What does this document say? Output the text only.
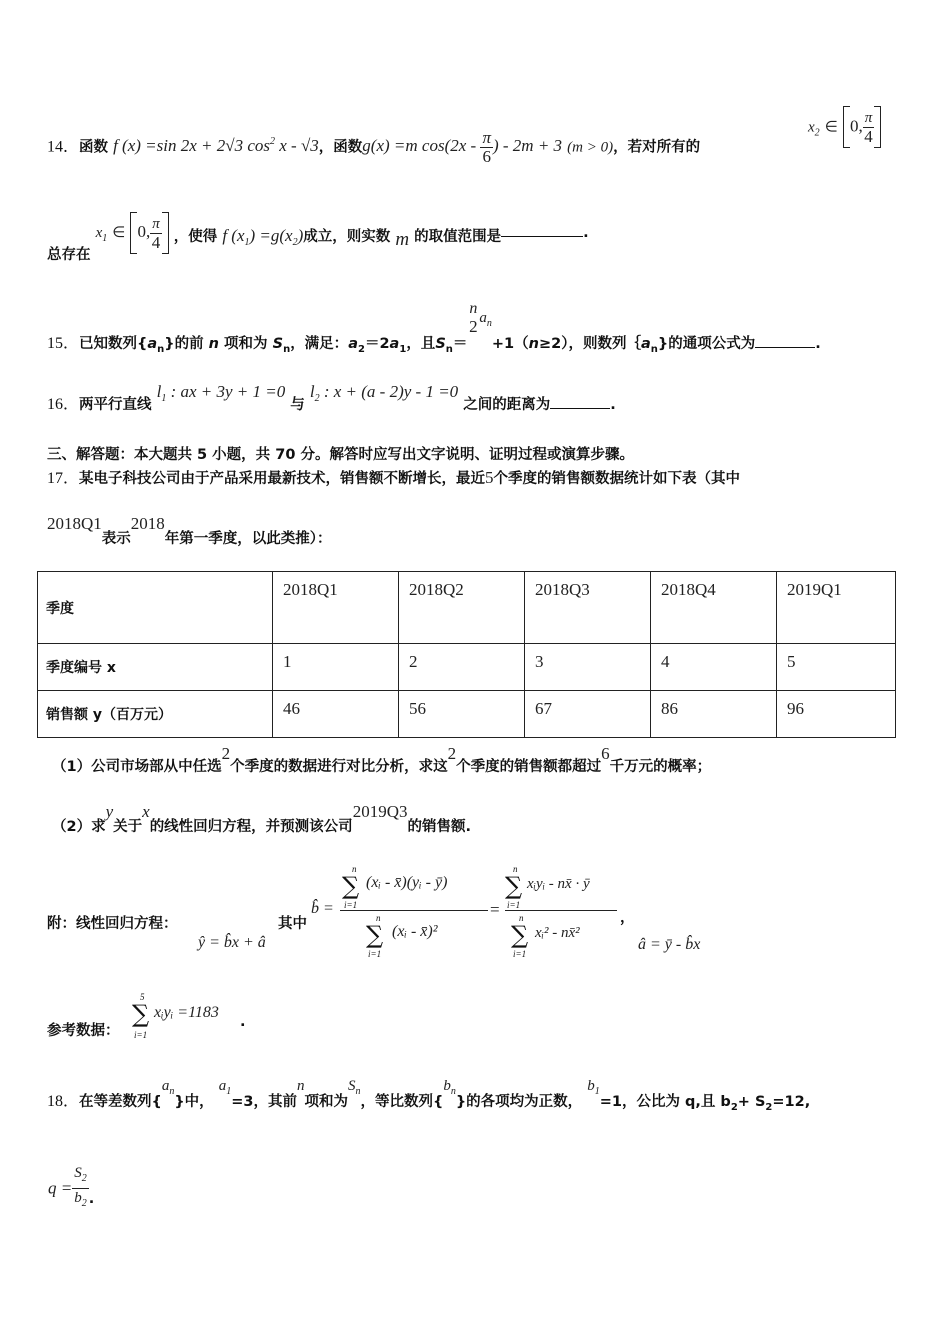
14．函数 f (x) =sin 2x + 2√3 $\cos^2 x - √3$，函数g(x) =m $\cos(2x - \frac{\pi}{6}$ ) - 2m + 3 (m > 0)，若对所有的
$x_2$ ∈ 0, $\frac{\pi}{4}$
总存在 $x_1$ ∈ 0, $\frac{\pi}{4}$ ，使得 f $(x_1) =g(x_2)$成立，则实数 m 的取值范围是	.
15．已知数列$\{a_n\}$的前 n 项和为 $S_n$，满足：$a_2=2a_1$，且$S_n=$
n
2 $a_n+1(n\ge 2)$，则数列$\{a_n$}的通项公式为	.
16．两平行直线 $l_1$ : ax + 3y + 1 =0 与 $l_2$ : x + (a - 2)y - 1 =0 之间的距离为	.
三、解答题：本大题共 5 小题，共 70 分。解答时应写出文字说明、证明过程或演算步骤。
17．某电子科技公司由于产品采用最新技术，销售额不断增长，最近5个季度的销售额数据统计如下表（其中
2018Q1表示2018年第一季度，以此类推）：
季度	2018Q1	2018Q2	2018Q3	2018Q4	2019Q1
季度编号 x	1	2	3	4	5
销售额 y（百万元）	46	56	67	86	96
（1）公司市场部从中任选2个季度的数据进行对比分析，求这2个季度的销售额都超过6千万元的概率；
（2）求y关于x的线性回归方程，并预测该公司2019Q3的销售额.
附：线性回归方程：
ŷ = b̂x + â
其中
b̂ = n
∑
i=1
(xᵢ - x̄)(yᵢ - ȳ)
n
∑
i=1
(xᵢ - x̄)² =
n
∑
i=1
xᵢyᵢ - nx̄ · ȳ
n
∑
i=1
xᵢ² - nx̄²
，
â = ȳ - b̂x
参考数据：
5
∑
i=1
xᵢyᵢ =1183
.
18．在等差数列$\{a_n\}$中， $a_1=3$，其前n项和为$S_n$，等比数列$\{b_n\}$的各项均为正数， $b_1=1$，公比为 q,且 $b_2+ S_2=12$,
$q = \frac{S_2}{b_2}$ .
